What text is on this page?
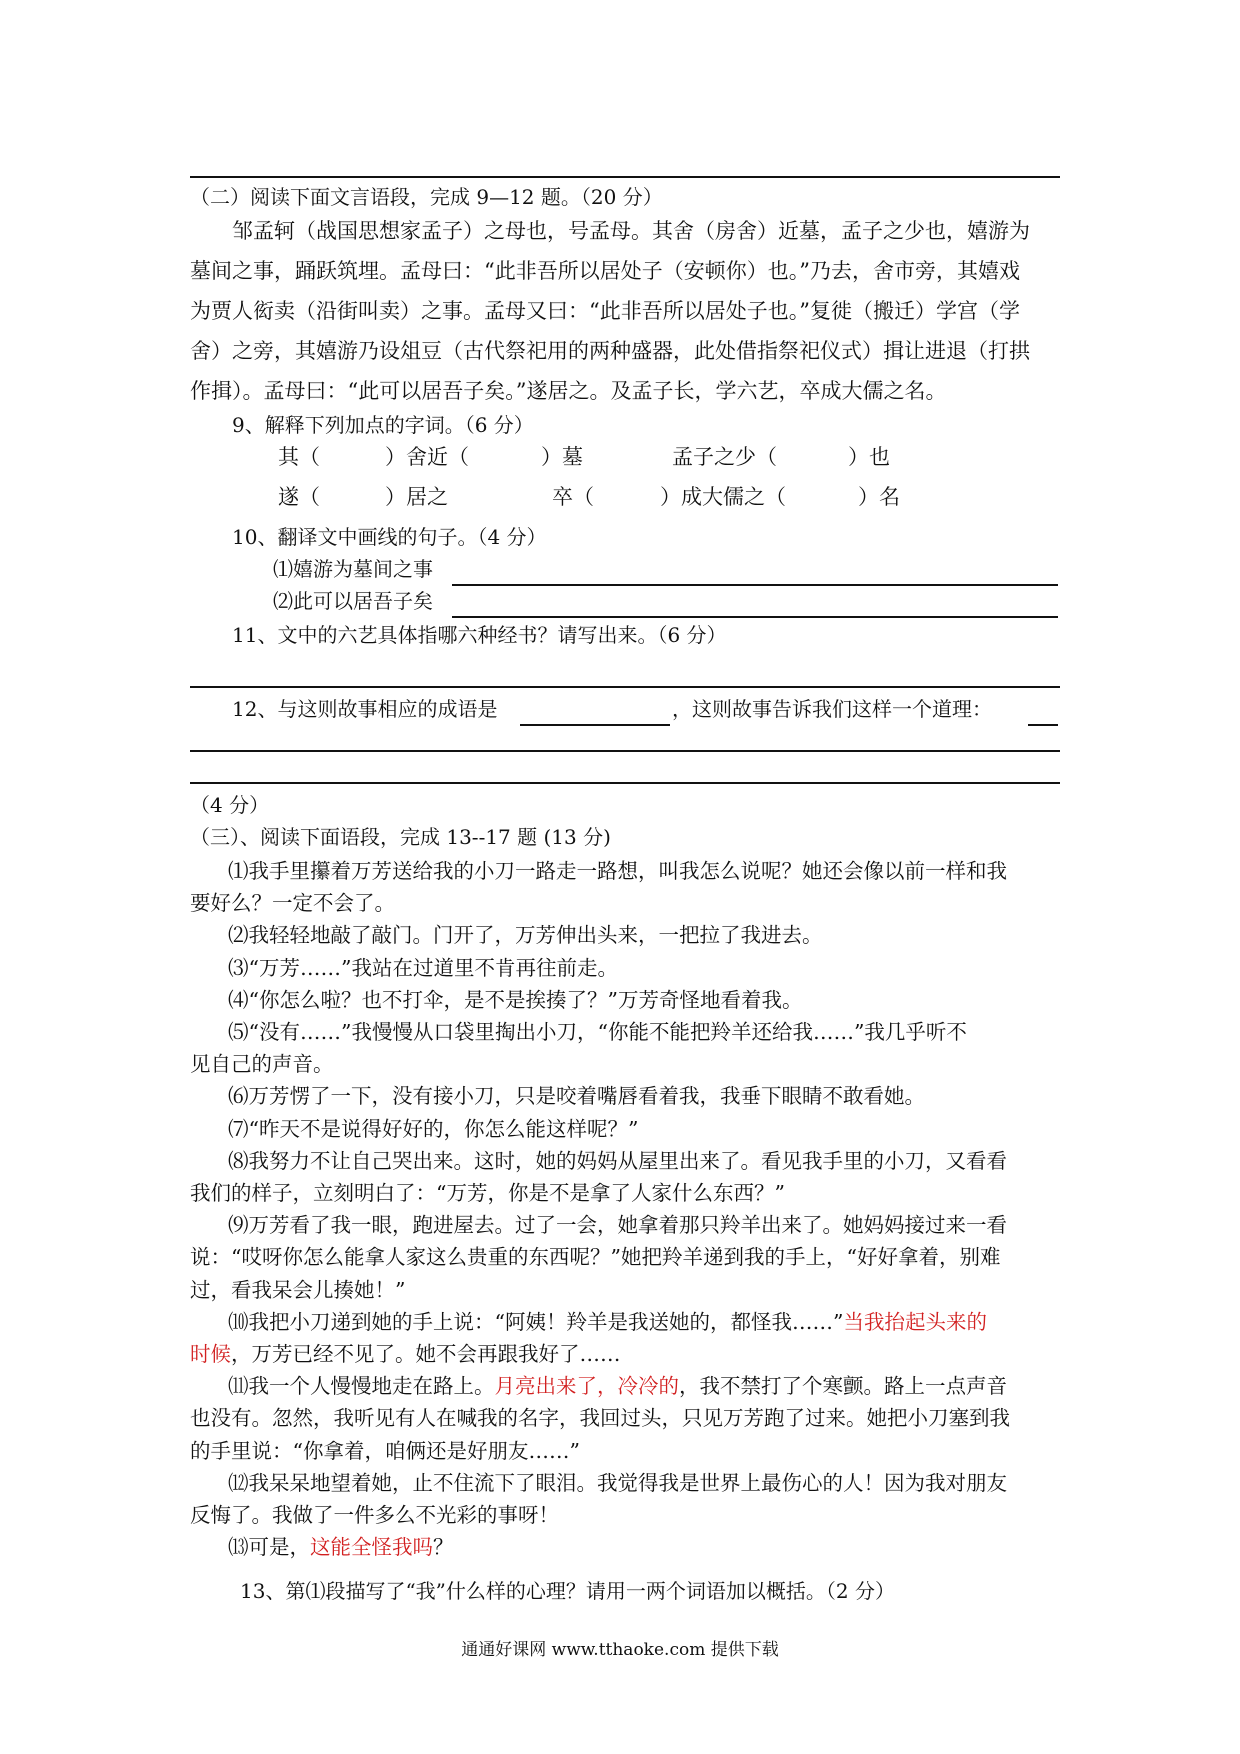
（二）阅读下面文言语段，完成 9—12 题。（20 分）
邹孟轲（战国思想家孟子）之母也，号孟母。其舍（房舍）近墓，孟子之少也，嬉游为
墓间之事，踊跃筑埋。孟母曰：“此非吾所以居处子（安顿你）也。”乃去，舍市旁，其嬉戏
为贾人衒卖（沿街叫卖）之事。孟母又曰：“此非吾所以居处子也。”复徙（搬迁）学宫（学
舍）之旁，其嬉游乃设俎豆（古代祭祀用的两种盛器，此处借指祭祀仪式）揖让进退（打拱
作揖）。孟母曰：“此可以居吾子矣。”遂居之。及孟子长，学六艺，卒成大儒之名。
9、解释下列加点的字词。（6 分）
其（	）舍近（	）墓	孟子之少（	）也
遂（	）居之	卒（	）成大儒之（	）名
10、翻译文中画线的句子。（4 分）
⑴嬉游为墓间之事
⑵此可以居吾子矣
11、文中的六艺具体指哪六种经书？请写出来。（6 分）
12、与这则故事相应的成语是	，这则故事告诉我们这样一个道理：
（4 分）
（三）、阅读下面语段，完成 13--17 题 (13 分)
⑴我手里攥着万芳送给我的小刀一路走一路想，叫我怎么说呢？她还会像以前一样和我
要好么？一定不会了。
⑵我轻轻地敲了敲门。门开了，万芳伸出头来，一把拉了我进去。
⑶“万芳……”我站在过道里不肯再往前走。
⑷“你怎么啦？也不打伞，是不是挨揍了？”万芳奇怪地看着我。
⑸“没有……”我慢慢从口袋里掏出小刀，“你能不能把羚羊还给我……”我几乎听不
见自己的声音。
⑹万芳愣了一下，没有接小刀，只是咬着嘴唇看着我，我垂下眼睛不敢看她。
⑺“昨天不是说得好好的，你怎么能这样呢？”
⑻我努力不让自己哭出来。这时，她的妈妈从屋里出来了。看见我手里的小刀，又看看
我们的样子，立刻明白了：“万芳，你是不是拿了人家什么东西？”
⑼万芳看了我一眼，跑进屋去。过了一会，她拿着那只羚羊出来了。她妈妈接过来一看
说：“哎呀你怎么能拿人家这么贵重的东西呢？”她把羚羊递到我的手上，“好好拿着，别难
过，看我呆会儿揍她！”
⑽我把小刀递到她的手上说：“阿姨！羚羊是我送她的，都怪我……”当我抬起头来的
时候，万芳已经不见了。她不会再跟我好了……
⑾我一个人慢慢地走在路上。月亮出来了，冷冷的，我不禁打了个寒颤。路上一点声音
也没有。忽然，我听见有人在喊我的名字，我回过头，只见万芳跑了过来。她把小刀塞到我
的手里说：“你拿着，咱俩还是好朋友……”
⑿我呆呆地望着她，止不住流下了眼泪。我觉得我是世界上最伤心的人！因为我对朋友
反悔了。我做了一件多么不光彩的事呀！
⒀可是，这能全怪我吗？
13、第⑴段描写了“我”什么样的心理？请用一两个词语加以概括。（2 分）
通通好课网 www.tthaoke.com 提供下载
